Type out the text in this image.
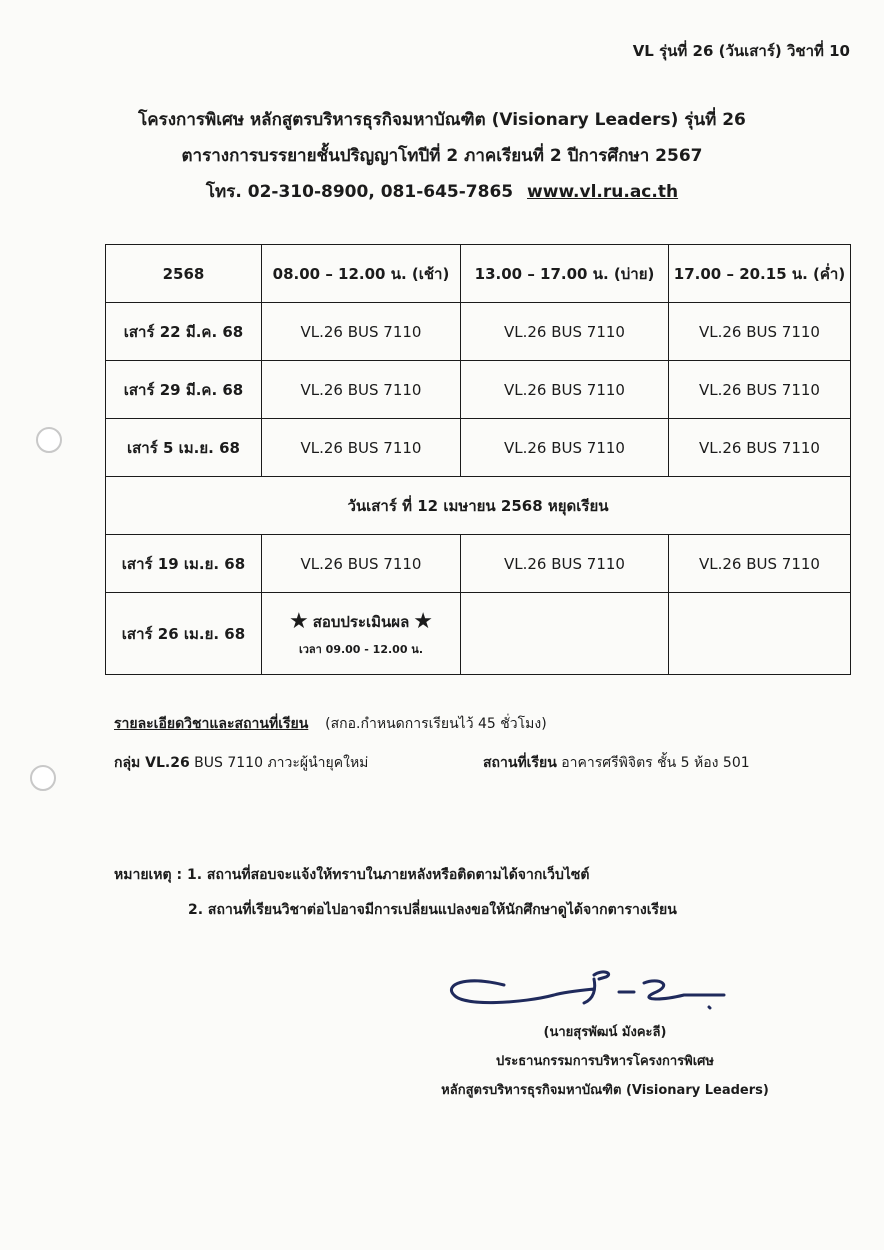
VL รุ่นที่ 26 (วันเสาร์) วิชาที่ 10
โครงการพิเศษ หลักสูตรบริหารธุรกิจมหาบัณฑิต (Visionary Leaders) รุ่นที่ 26
ตารางการบรรยายชั้นปริญญาโทปีที่ 2 ภาคเรียนที่ 2 ปีการศึกษา 2567
โทร. 02-310-8900, 081-645-7865 www.vl.ru.ac.th
2568	08.00 – 12.00 น. (เช้า)	13.00 – 17.00 น. (บ่าย)	17.00 – 20.15 น. (ค่ำ)
เสาร์ 22 มี.ค. 68	VL.26 BUS 7110	VL.26 BUS 7110	VL.26 BUS 7110
เสาร์ 29 มี.ค. 68	VL.26 BUS 7110	VL.26 BUS 7110	VL.26 BUS 7110
เสาร์ 5 เม.ย. 68	VL.26 BUS 7110	VL.26 BUS 7110	VL.26 BUS 7110
วันเสาร์ ที่ 12 เมษายน 2568 หยุดเรียน			
เสาร์ 19 เม.ย. 68	VL.26 BUS 7110	VL.26 BUS 7110	VL.26 BUS 7110
เสาร์ 26 เม.ย. 68	★ สอบประเมินผล ★
เวลา 09.00 - 12.00 น.		

รายละเอียดวิชาและสถานที่เรียน (สกอ.กำหนดการเรียนไว้ 45 ชั่วโมง)
กลุ่ม VL.26 BUS 7110 ภาวะผู้นำยุคใหม่	สถานที่เรียน อาคารศรีพิจิตร ชั้น 5 ห้อง 501
หมายเหตุ : 1. สถานที่สอบจะแจ้งให้ทราบในภายหลังหรือติดตามได้จากเว็บไซต์
2. สถานที่เรียนวิชาต่อไปอาจมีการเปลี่ยนแปลงขอให้นักศึกษาดูได้จากตารางเรียน
(นายสุรพัฒน์ มังคะลี)
ประธานกรรมการบริหารโครงการพิเศษ
หลักสูตรบริหารธุรกิจมหาบัณฑิต (Visionary Leaders)
